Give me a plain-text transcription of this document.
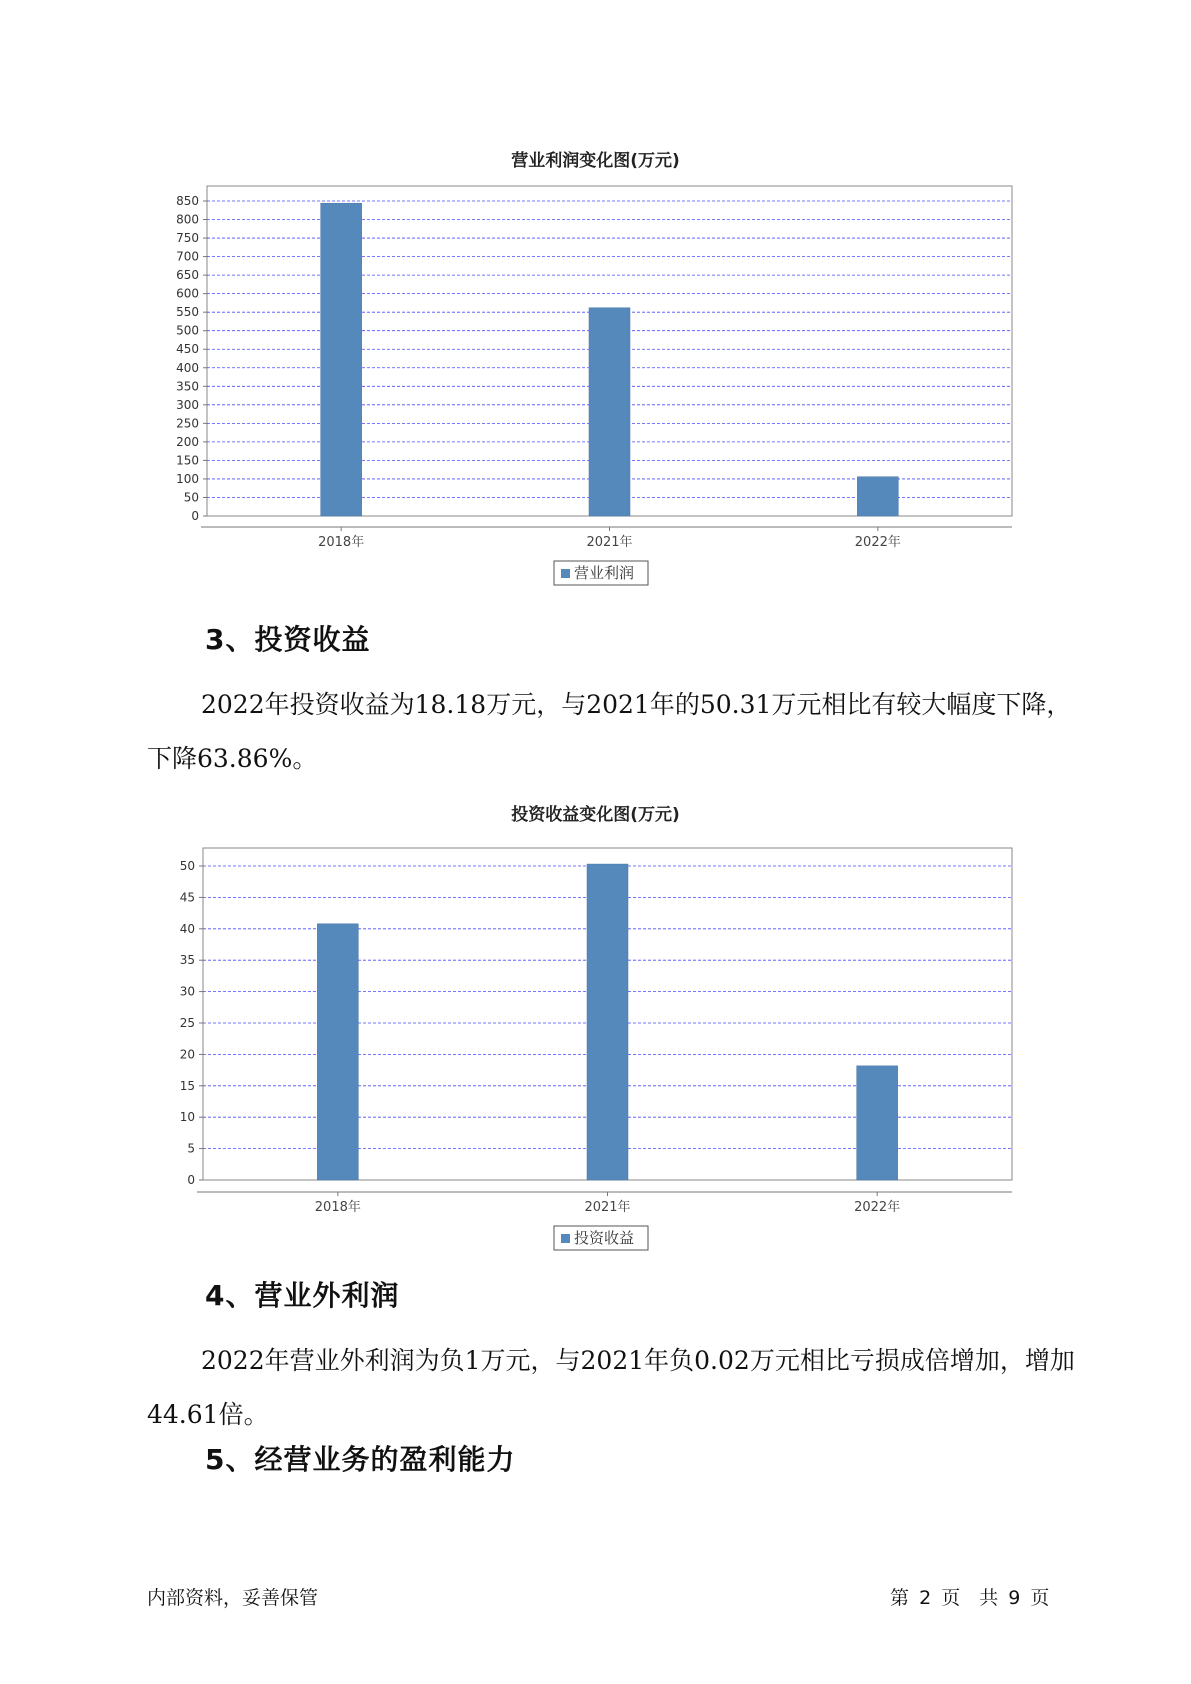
营业利润变化图(万元)
0
50
100
150
200
250
300
350
400
450
500
550
600
650
700
750
800
850
2018年	2021年	2022年
营业利润
3、投资收益

2022年投资收益为18.18万元，与2021年的50.31万元相比有较大幅度下降，下降63.86%。

投资收益变化图(万元)
0
5
10
15
20
25
30
35
40
45
50
2018年	2021年	2022年
投资收益
4、营业外利润

2022年营业外利润为负1万元，与2021年负0.02万元相比亏损成倍增加，增加44.61倍。

5、经营业务的盈利能力
内部资料，妥善保管	第 2 页　共 9 页
